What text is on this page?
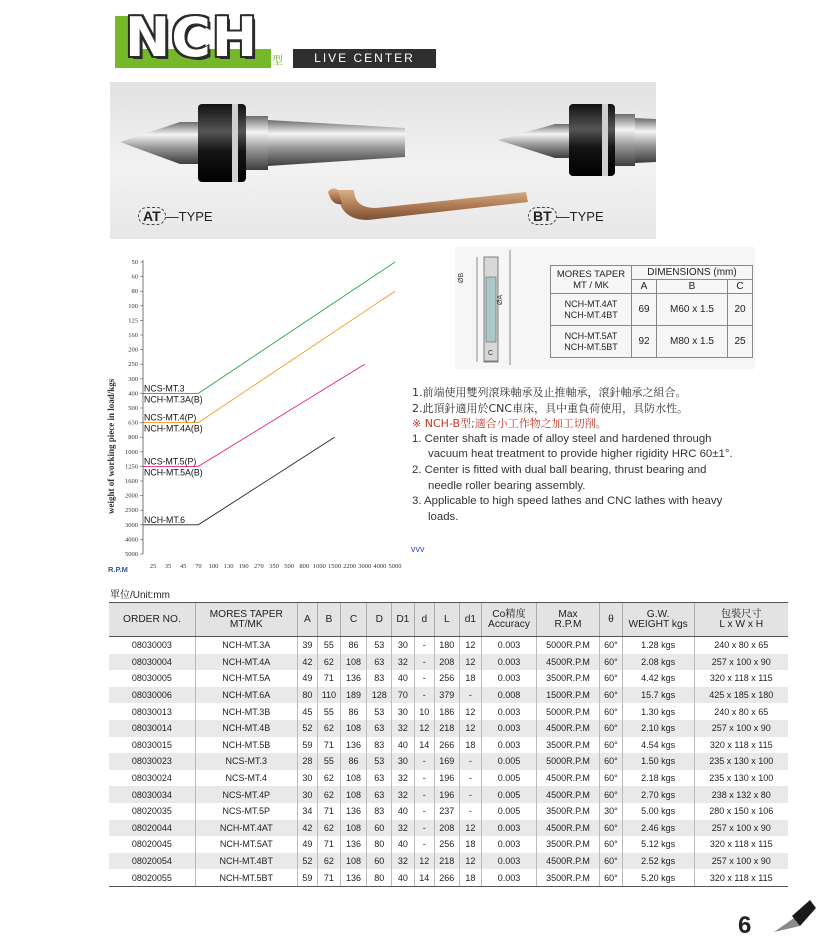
NCH 型	LIVE CENTER
AT —TYPE	BT —TYPE
50
60
80
100
125
160
200
250
300
400
500
630
800
1000
1250
1600
2000
2500
3000
4000
5000
25 35 45 70 100 130 190 270 350 500 800 1000 1500 2200 3000 4000 5000
NCS-MT.3
NCH-MT.3A(B)
NCS-MT.4(P)
NCH-MT.4A(B)
NCS-MT.5(P)
NCH-MT.5A(B)
NCH-MT.6
weight of working piece in load/kgs
R.P.M
ØB
ØA
C
MORES TAPER MT / MK	DIMENSIONS (mm)		
	A	B	C
NCH-MT.4AT
NCH-MT.4BT	69	M60 x 1.5	20
NCH-MT.5AT
NCH-MT.5BT	92	M80 x 1.5	25
1.前端使用雙列滾珠軸承及止推軸承，滾針軸承之組合。
2.此頂針適用於CNC車床，具中重負荷使用，具防水性。
※ NCH-B型;適合小工作物之加工切削。
1. Center shaft is made of alloy steel and hardened through
vacuum heat treatment to provide higher rigidity HRC 60±1°.
2. Center is fitted with dual ball bearing, thrust bearing and
needle roller bearing assembly.
3. Applicable to high speed lathes and CNC lathes with heavy
loads.
vvv
單位/Unit:mm
ORDER NO.	MORES TAPER
MT/MK	A	B	C	D	D1	d	L	d1	Co精度
Accuracy	Max
R.P.M	θ	G.W.
WEIGHT kgs	包裝尺寸
L x W x H
08030003	NCH-MT.3A	39	55	86	53	30	-	180	12	0.003	5000R.P.M	60°	1.28 kgs	240 x 80 x 65
08030004	NCH-MT.4A	42	62	108	63	32	-	208	12	0.003	4500R.P.M	60°	2.08 kgs	257 x 100 x 90
08030005	NCH-MT.5A	49	71	136	83	40	-	256	18	0.003	3500R.P.M	60°	4.42 kgs	320 x 118 x 115
08030006	NCH-MT.6A	80	110	189	128	70	-	379	-	0.008	1500R.P.M	60°	15.7 kgs	425 x 185 x 180
08030013	NCH-MT.3B	45	55	86	53	30	10	186	12	0.003	5000R.P.M	60°	1.30 kgs	240 x 80 x 65
08030014	NCH-MT.4B	52	62	108	63	32	12	218	12	0.003	4500R.P.M	60°	2.10 kgs	257 x 100 x 90
08030015	NCH-MT.5B	59	71	136	83	40	14	266	18	0.003	3500R.P.M	60°	4.54 kgs	320 x 118 x 115
08030023	NCS-MT.3	28	55	86	53	30	-	169	-	0.005	5000R.P.M	60°	1.50 kgs	235 x 130 x 100
08030024	NCS-MT.4	30	62	108	63	32	-	196	-	0.005	4500R.P.M	60°	2.18 kgs	235 x 130 x 100
08030034	NCS-MT.4P	30	62	108	63	32	-	196	-	0.005	4500R.P.M	60°	2.70 kgs	238 x 132 x 80
08020035	NCS-MT.5P	34	71	136	83	40	-	237	-	0.005	3500R.P.M	30°	5.00 kgs	280 x 150 x 106
08020044	NCH-MT.4AT	42	62	108	60	32	-	208	12	0.003	4500R.P.M	60°	2.46 kgs	257 x 100 x 90
08020045	NCH-MT.5AT	49	71	136	80	40	-	256	18	0.003	3500R.P.M	60°	5.12 kgs	320 x 118 x 115
08020054	NCH-MT.4BT	52	62	108	60	32	12	218	12	0.003	4500R.P.M	60°	2.52 kgs	257 x 100 x 90
08020055	NCH-MT.5BT	59	71	136	80	40	14	266	18	0.003	3500R.P.M	60°	5.20 kgs	320 x 118 x 115
6
